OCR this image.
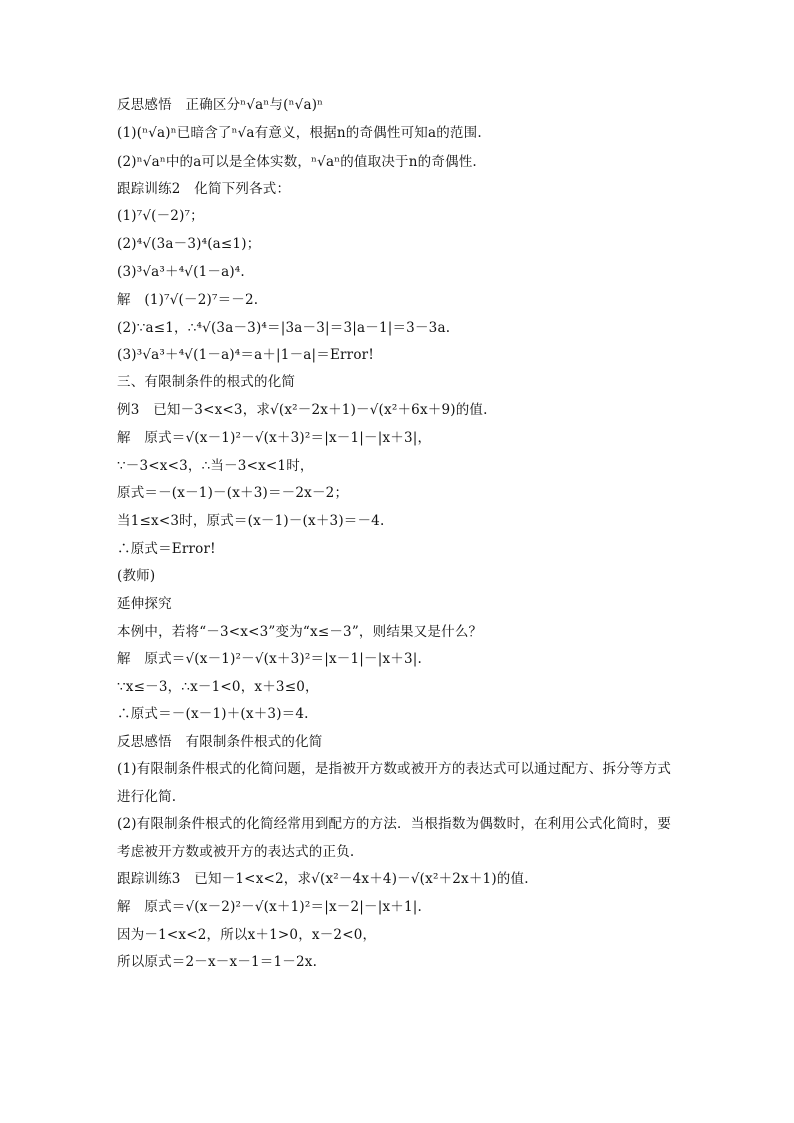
反思感悟　正确区分ⁿ√aⁿ与(ⁿ√a)ⁿ
(1)(ⁿ√a)ⁿ已暗含了ⁿ√a有意义，根据n的奇偶性可知a的范围.
(2)ⁿ√aⁿ中的a可以是全体实数，ⁿ√aⁿ的值取决于n的奇偶性.
跟踪训练2　化简下列各式：
(1)⁷√(－2)⁷；
(2)⁴√(3a－3)⁴(a≤1)；
(3)³√a³＋⁴√(1－a)⁴.
解　(1)⁷√(－2)⁷＝－2.
(2)∵a≤1，∴⁴√(3a－3)⁴＝|3a－3|＝3|a－1|＝3－3a.
(3)³√a³＋⁴√(1－a)⁴＝a＋|1－a|＝Error!
三、有限制条件的根式的化简
例3　已知－3<x<3，求√(x²－2x＋1)－√(x²＋6x＋9)的值.
解　原式＝√(x－1)²－√(x＋3)²＝|x－1|－|x＋3|，
∵－3<x<3，∴当－3<x<1时，
原式＝－(x－1)－(x＋3)＝－2x－2；
当1≤x<3时，原式＝(x－1)－(x＋3)＝－4.
∴原式＝Error!
(教师)
延伸探究
本例中，若将“－3<x<3”变为“x≤－3”，则结果又是什么？
解　原式＝√(x－1)²－√(x＋3)²＝|x－1|－|x＋3|.
∵x≤－3，∴x－1<0，x＋3≤0，
∴原式＝－(x－1)＋(x＋3)＝4.
反思感悟　有限制条件根式的化简
(1)有限制条件根式的化简问题，是指被开方数或被开方的表达式可以通过配方、拆分等方式
进行化简.
(2)有限制条件根式的化简经常用到配方的方法．当根指数为偶数时，在利用公式化简时，要
考虑被开方数或被开方的表达式的正负.
跟踪训练3　已知－1<x<2，求√(x²－4x＋4)－√(x²＋2x＋1)的值.
解　原式＝√(x－2)²－√(x＋1)²＝|x－2|－|x＋1|.
因为－1<x<2，所以x＋1>0，x－2<0，
所以原式＝2－x－x－1＝1－2x.
